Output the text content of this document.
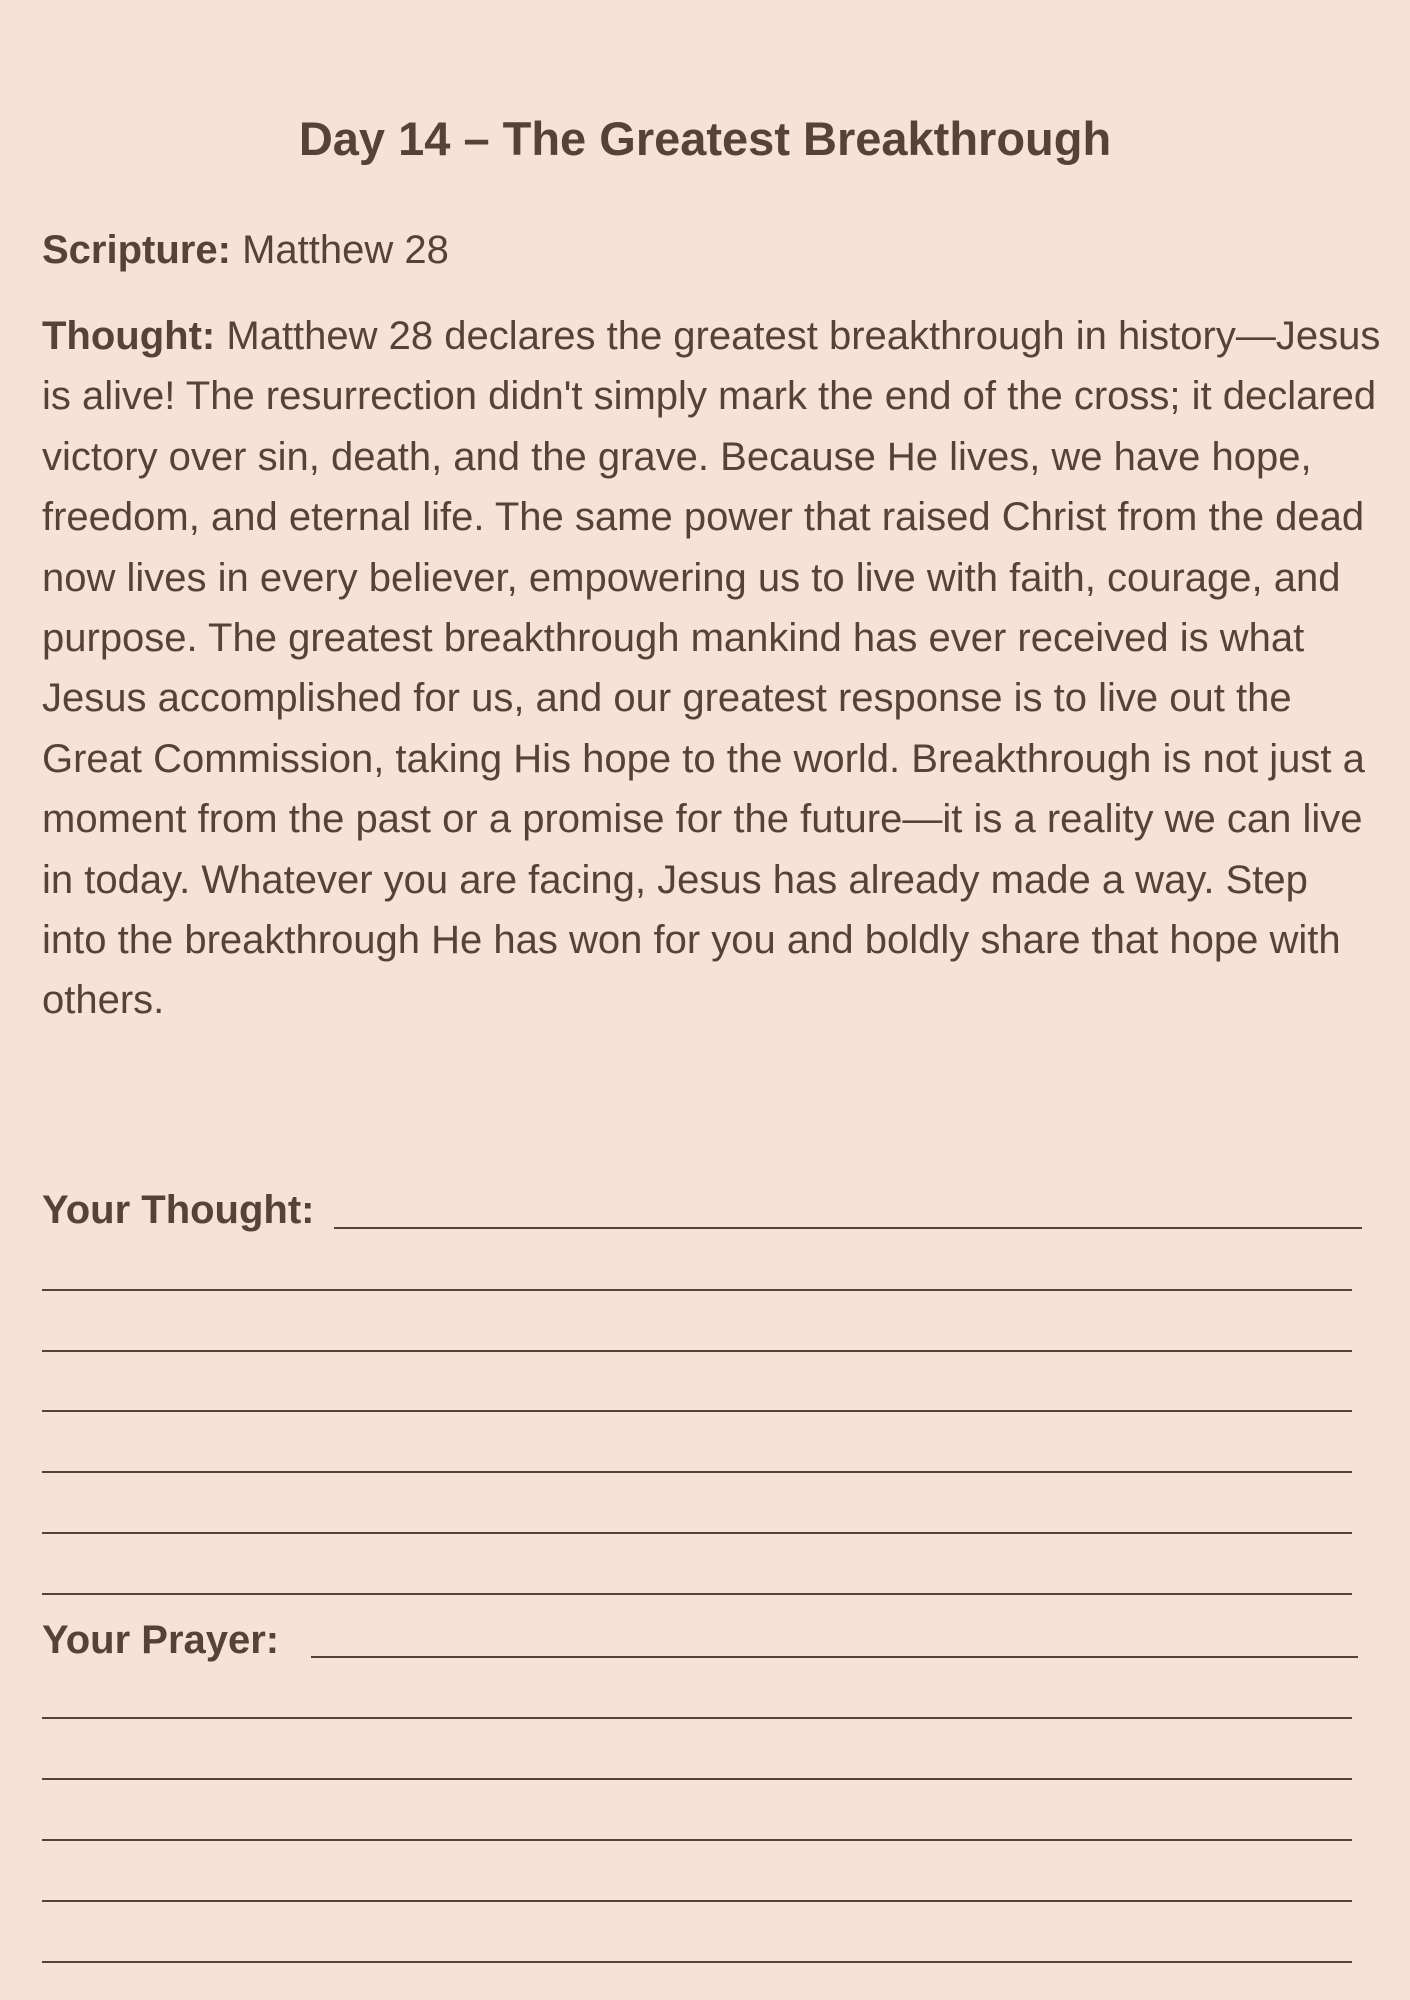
Day 14 – The Greatest Breakthrough

Scripture: Matthew 28

Thought: Matthew 28 declares the greatest breakthrough in history—Jesus is alive! The resurrection didn't simply mark the end of the cross; it declared victory over sin, death, and the grave. Because He lives, we have hope, freedom, and eternal life. The same power that raised Christ from the dead now lives in every believer, empowering us to live with faith, courage, and purpose. The greatest breakthrough mankind has ever received is what Jesus accomplished for us, and our greatest response is to live out the Great Commission, taking His hope to the world. Breakthrough is not just a moment from the past or a promise for the future—it is a reality we can live in today. Whatever you are facing, Jesus has already made a way. Step into the breakthrough He has won for you and boldly share that hope with others.

Your Thought:
Your Prayer:
